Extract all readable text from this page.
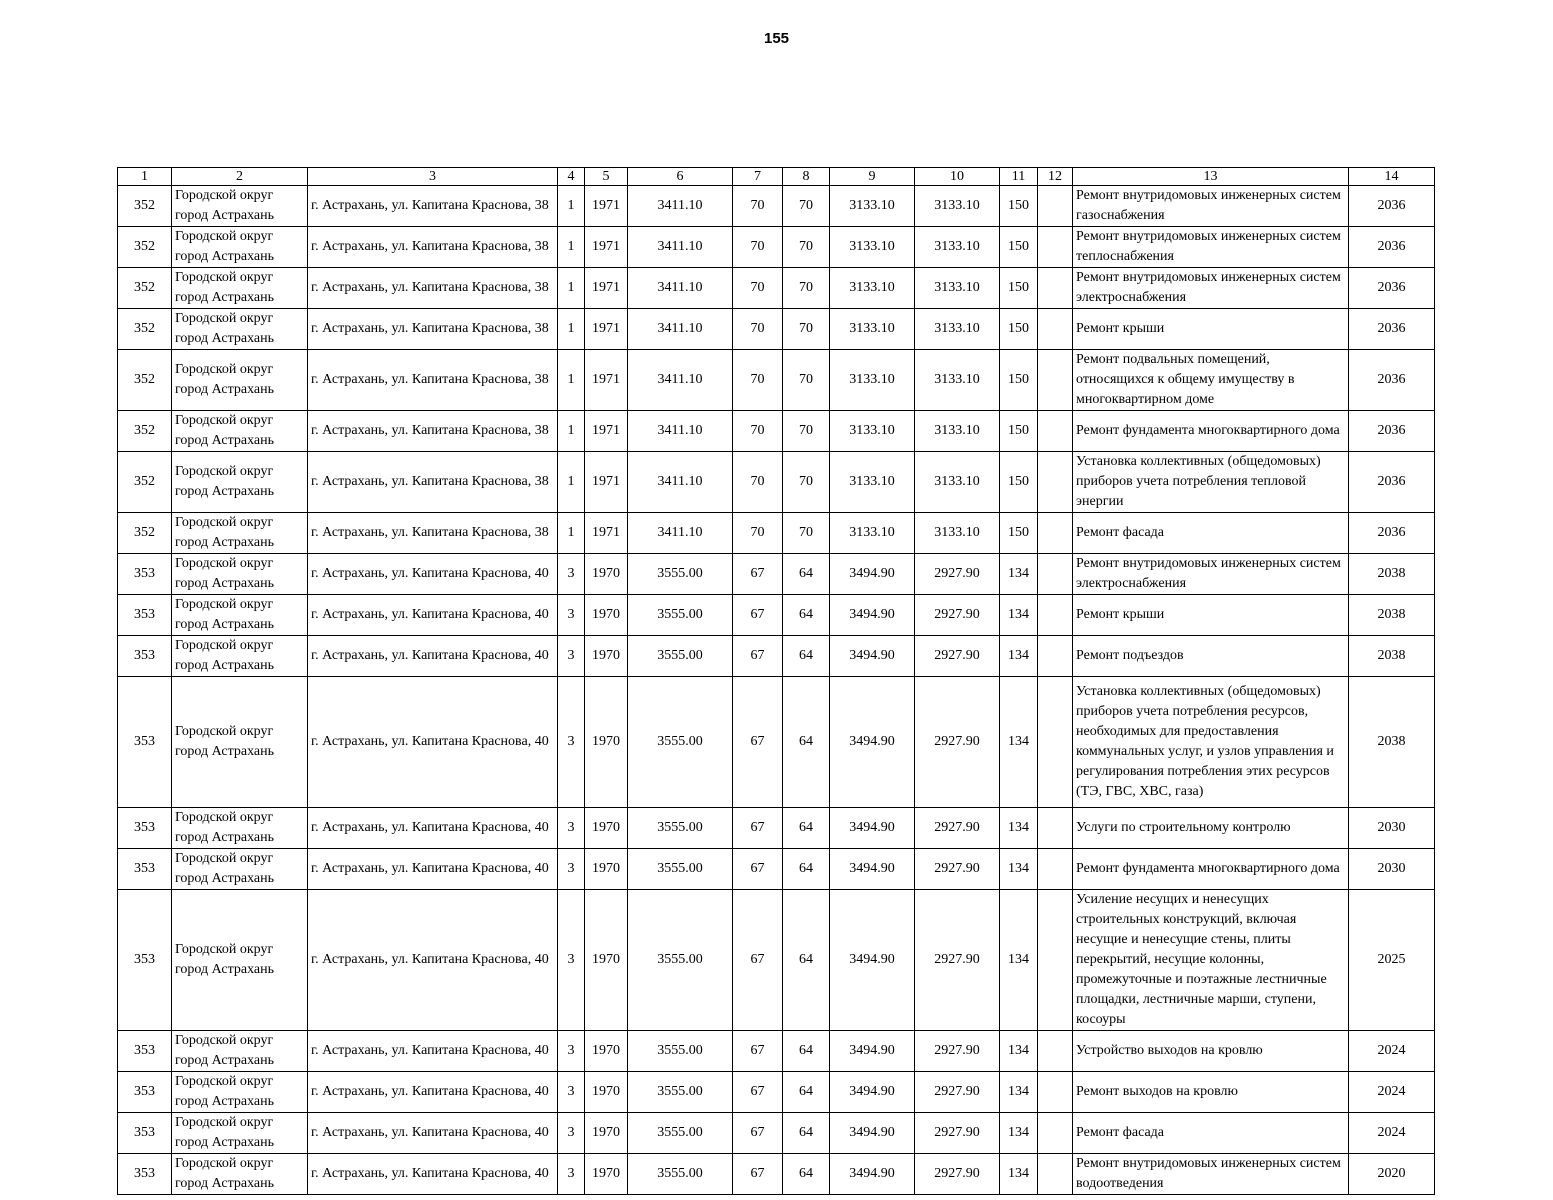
155
1	2	3	4	5	6	7	8	9	10	11	12	13	14
352	Городской округ город Астрахань	г. Астрахань, ул. Капитана Краснова, 38	1	1971	3411.10	70	70	3133.10	3133.10	150		Ремонт внутридомовых инженерных систем газоснабжения	2036
352	Городской округ город Астрахань	г. Астрахань, ул. Капитана Краснова, 38	1	1971	3411.10	70	70	3133.10	3133.10	150		Ремонт внутридомовых инженерных систем теплоснабжения	2036
352	Городской округ город Астрахань	г. Астрахань, ул. Капитана Краснова, 38	1	1971	3411.10	70	70	3133.10	3133.10	150		Ремонт внутридомовых инженерных систем электроснабжения	2036
352	Городской округ город Астрахань	г. Астрахань, ул. Капитана Краснова, 38	1	1971	3411.10	70	70	3133.10	3133.10	150		Ремонт крыши	2036
352	Городской округ город Астрахань	г. Астрахань, ул. Капитана Краснова, 38	1	1971	3411.10	70	70	3133.10	3133.10	150		Ремонт подвальных помещений, относящихся к общему имуществу в многоквартирном доме	2036
352	Городской округ город Астрахань	г. Астрахань, ул. Капитана Краснова, 38	1	1971	3411.10	70	70	3133.10	3133.10	150		Ремонт фундамента многоквартирного дома	2036
352	Городской округ город Астрахань	г. Астрахань, ул. Капитана Краснова, 38	1	1971	3411.10	70	70	3133.10	3133.10	150		Установка коллективных (общедомовых) приборов учета потребления тепловой энергии	2036
352	Городской округ город Астрахань	г. Астрахань, ул. Капитана Краснова, 38	1	1971	3411.10	70	70	3133.10	3133.10	150		Ремонт фасада	2036
353	Городской округ город Астрахань	г. Астрахань, ул. Капитана Краснова, 40	3	1970	3555.00	67	64	3494.90	2927.90	134		Ремонт внутридомовых инженерных систем электроснабжения	2038
353	Городской округ город Астрахань	г. Астрахань, ул. Капитана Краснова, 40	3	1970	3555.00	67	64	3494.90	2927.90	134		Ремонт крыши	2038
353	Городской округ город Астрахань	г. Астрахань, ул. Капитана Краснова, 40	3	1970	3555.00	67	64	3494.90	2927.90	134		Ремонт подъездов	2038
353	Городской округ город Астрахань	г. Астрахань, ул. Капитана Краснова, 40	3	1970	3555.00	67	64	3494.90	2927.90	134		Установка коллективных (общедомовых) приборов учета потребления ресурсов, необходимых для предоставления коммунальных услуг, и узлов управления и регулирования потребления этих ресурсов (ТЭ, ГВС, ХВС, газа)	2038
353	Городской округ город Астрахань	г. Астрахань, ул. Капитана Краснова, 40	3	1970	3555.00	67	64	3494.90	2927.90	134		Услуги по строительному контролю	2030
353	Городской округ город Астрахань	г. Астрахань, ул. Капитана Краснова, 40	3	1970	3555.00	67	64	3494.90	2927.90	134		Ремонт фундамента многоквартирного дома	2030
353	Городской округ город Астрахань	г. Астрахань, ул. Капитана Краснова, 40	3	1970	3555.00	67	64	3494.90	2927.90	134		Усиление несущих и ненесущих строительных конструкций, включая несущие и ненесущие стены, плиты перекрытий, несущие колонны, промежуточные и поэтажные лестничные площадки, лестничные марши, ступени, косоуры	2025
353	Городской округ город Астрахань	г. Астрахань, ул. Капитана Краснова, 40	3	1970	3555.00	67	64	3494.90	2927.90	134		Устройство выходов на кровлю	2024
353	Городской округ город Астрахань	г. Астрахань, ул. Капитана Краснова, 40	3	1970	3555.00	67	64	3494.90	2927.90	134		Ремонт выходов на кровлю	2024
353	Городской округ город Астрахань	г. Астрахань, ул. Капитана Краснова, 40	3	1970	3555.00	67	64	3494.90	2927.90	134		Ремонт фасада	2024
353	Городской округ город Астрахань	г. Астрахань, ул. Капитана Краснова, 40	3	1970	3555.00	67	64	3494.90	2927.90	134		Ремонт внутридомовых инженерных систем водоотведения	2020
